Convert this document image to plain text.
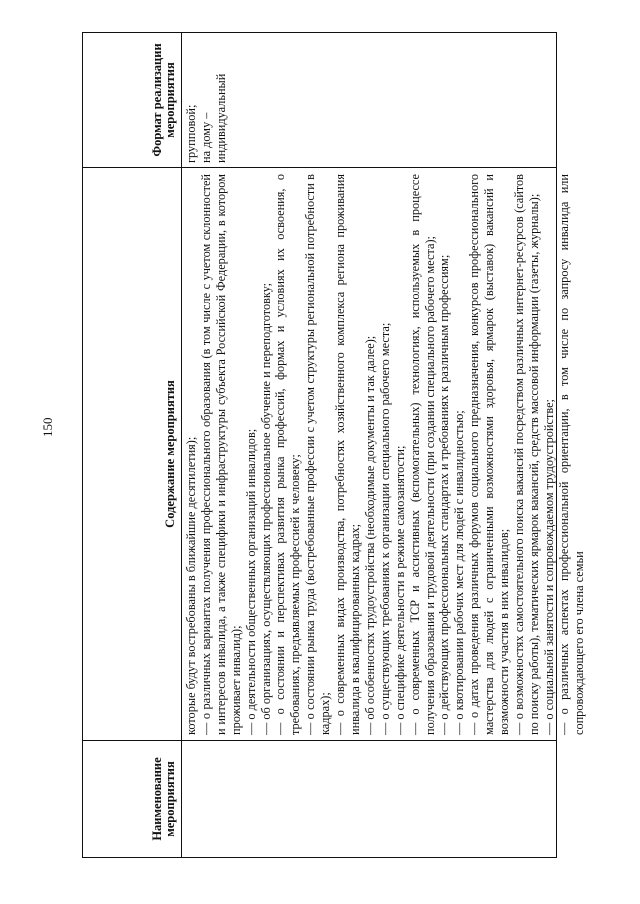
150
Наименование мероприятия
Содержание мероприятия которые будут востребованы в ближайшие десятилетия); — о различных вариантах получения профессионального образования (в том числе с учетом склонностей и интересов инвалида, а также специфики и инфраструктуры субъекта Российской Федерации, в котором проживает инвалид); — о деятельности общественных организаций инвалидов; — об организациях, осуществляющих профессиональное обучение и переподготовку; — о состоянии и перспективах развития рынка профессий, формах и условиях их освоения, о требованиях, предъявляемых профессией к человеку; — о состоянии рынка труда (востребованные профессии с учетом структуры региональной потребности в кадрах); — о современных видах производства, потребностях хозяйственного комплекса региона проживания инвалида в квалифицированных кадрах; — об особенностях трудоустройства (необходимые документы и так далее); — о существующих требованиях к организации специального рабочего места; — о специфике деятельности в режиме самозанятости; — о современных ТСР и ассистивных (вспомогательных) технологиях, используемых в процессе получения образования и трудовой деятельности (при создании специального рабочего места); — о действующих профессиональных стандартах и требованиях к различным профессиям; — о квотировании рабочих мест для людей с инвалидностью; — о датах проведения различных форумов социального предназначения, конкурсов профессионального мастерства для людей с ограниченными возможностями здоровья, ярмарок (выставок) вакансий и возможности участия в них инвалидов; — о возможностях самостоятельного поиска вакансий посредством различных интернет-ресурсов (сайтов по поиску работы), тематических ярмарок вакансий, средств массовой информации (газеты, журналы); — о социальной занятости и сопровождаемом трудоустройстве; — о различных аспектах профессиональной ориентации, в том числе по запросу инвалида или сопровождающего его члена семьи

Формат реализации мероприятия групповой; на дому – индивидуальный
